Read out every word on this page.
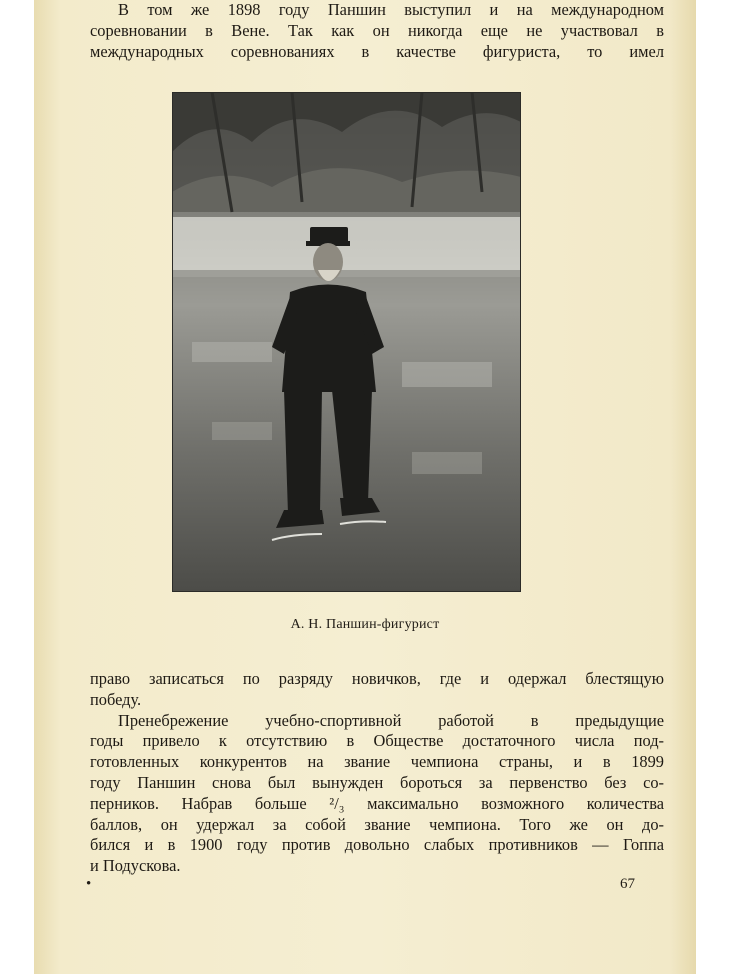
В том же 1898 году Паншин выступил и на международном
соревновании в Вене. Так как он никогда еще не участвовал в
международных соревнованиях в качестве фигуриста, то имел
А. Н. Паншин-фигурист
право записаться по разряду новичков, где и одержал блестящую
победу.
Пренебрежение учебно-спортивной работой в предыдущие
годы привело к отсутствию в Обществе достаточного числа под-
готовленных конкурентов на звание чемпиона страны, и в 1899
году Паншин снова был вынужден бороться за первенство без со-
перников. Набрав больше ²/₃ максимально возможного количества
баллов, он удержал за собой звание чемпиона. Того же он до-
бился и в 1900 году против довольно слабых противников — Гоппа
и Подускова.
•	67
